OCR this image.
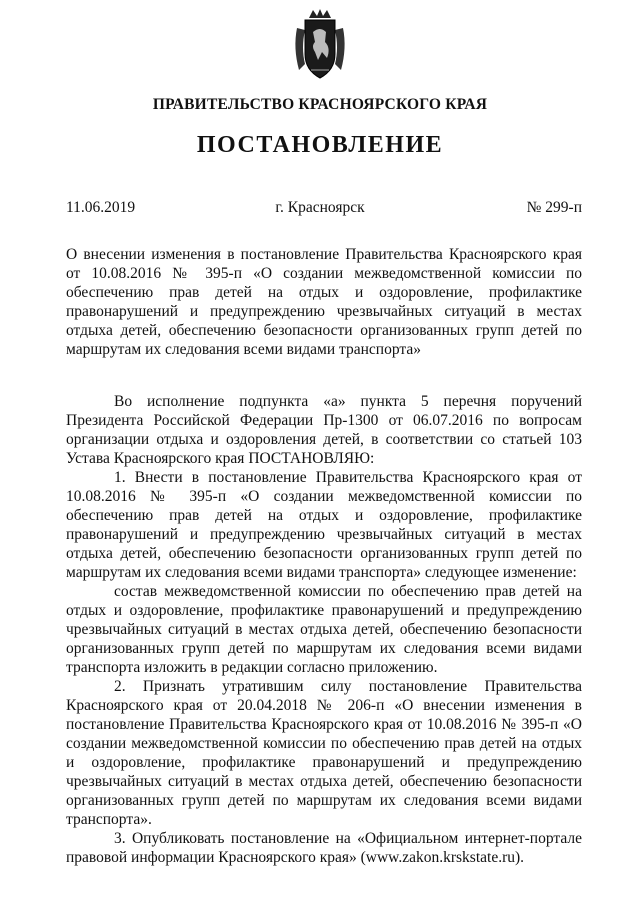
ПРАВИТЕЛЬСТВО КРАСНОЯРСКОГО КРАЯ
ПОСТАНОВЛЕНИЕ
11.06.2019	г. Красноярск	№ 299-п
О внесении изменения в постановление Правительства Красноярского края от 10.08.2016 № 395-п «О создании межведомственной комиссии по обеспечению прав детей на отдых и оздоровление, профилактике правонарушений и предупреждению чрезвычайных ситуаций в местах отдыха детей, обеспечению безопасности организованных групп детей по маршрутам их следования всеми видами транспорта»

Во исполнение подпункта «а» пункта 5 перечня поручений Президента Российской Федерации Пр-1300 от 06.07.2016 по вопросам организации отдыха и оздоровления детей, в соответствии со статьей 103 Устава Красноярского края ПОСТАНОВЛЯЮ:

1. Внести в постановление Правительства Красноярского края от 10.08.2016 № 395-п «О создании межведомственной комиссии по обеспечению прав детей на отдых и оздоровление, профилактике правонарушений и предупреждению чрезвычайных ситуаций в местах отдыха детей, обеспечению безопасности организованных групп детей по маршрутам их следования всеми видами транспорта» следующее изменение:

состав межведомственной комиссии по обеспечению прав детей на отдых и оздоровление, профилактике правонарушений и предупреждению чрезвычайных ситуаций в местах отдыха детей, обеспечению безопасности организованных групп детей по маршрутам их следования всеми видами транспорта изложить в редакции согласно приложению.

2. Признать утратившим силу постановление Правительства Красноярского края от 20.04.2018 № 206-п «О внесении изменения в постановление Правительства Красноярского края от 10.08.2016 № 395-п «О создании межведомственной комиссии по обеспечению прав детей на отдых и оздоровление, профилактике правонарушений и предупреждению чрезвычайных ситуаций в местах отдыха детей, обеспечению безопасности организованных групп детей по маршрутам их следования всеми видами транспорта».

3. Опубликовать постановление на «Официальном интернет-портале правовой информации Красноярского края» (www.zakon.krskstate.ru).
